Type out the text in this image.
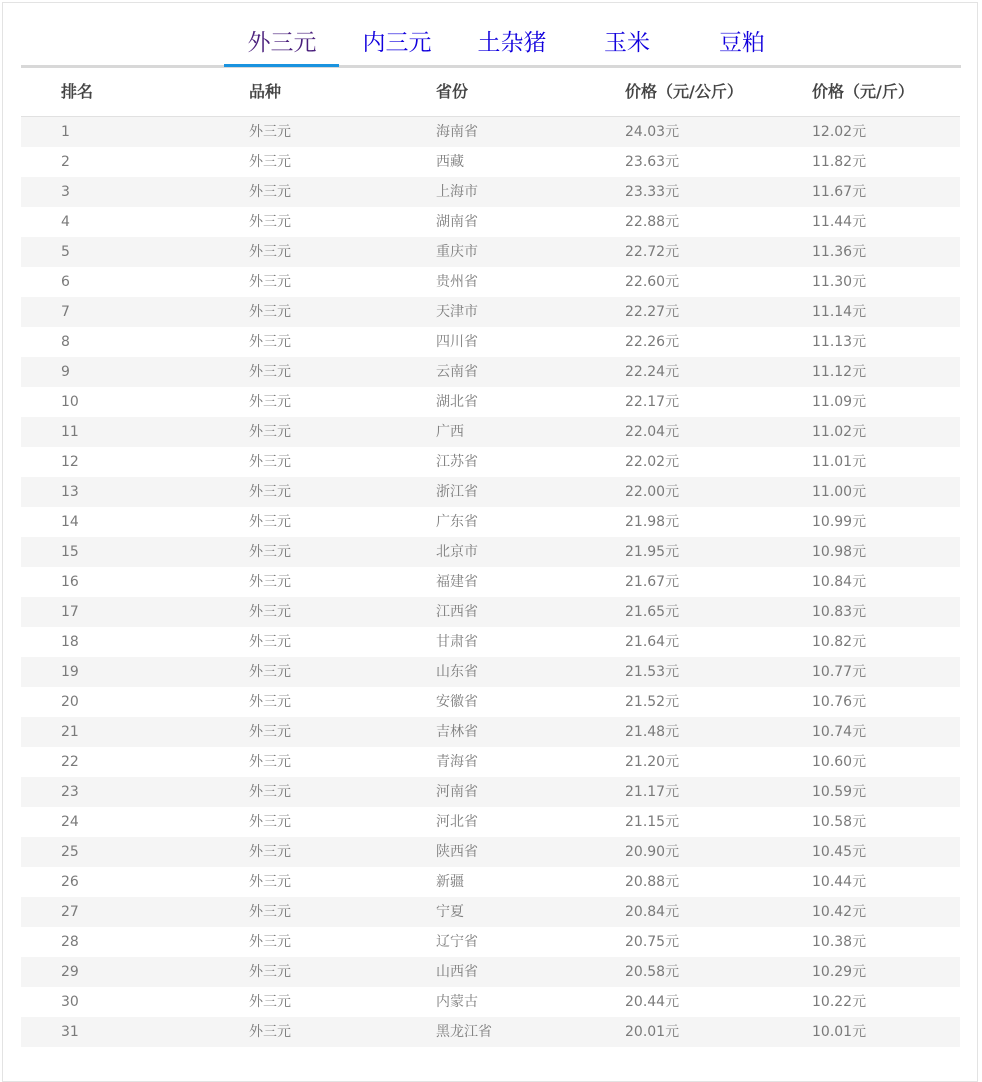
外三元 内三元 土杂猪	玉米	豆粕
排名	品种	省份	价格（元/公斤）	价格（元/斤）
1	外三元	海南省	24.03元	12.02元
2	外三元	西藏	23.63元	11.82元
3	外三元	上海市	23.33元	11.67元
4	外三元	湖南省	22.88元	11.44元
5	外三元	重庆市	22.72元	11.36元
6	外三元	贵州省	22.60元	11.30元
7	外三元	天津市	22.27元	11.14元
8	外三元	四川省	22.26元	11.13元
9	外三元	云南省	22.24元	11.12元
10	外三元	湖北省	22.17元	11.09元
11	外三元	广西	22.04元	11.02元
12	外三元	江苏省	22.02元	11.01元
13	外三元	浙江省	22.00元	11.00元
14	外三元	广东省	21.98元	10.99元
15	外三元	北京市	21.95元	10.98元
16	外三元	福建省	21.67元	10.84元
17	外三元	江西省	21.65元	10.83元
18	外三元	甘肃省	21.64元	10.82元
19	外三元	山东省	21.53元	10.77元
20	外三元	安徽省	21.52元	10.76元
21	外三元	吉林省	21.48元	10.74元
22	外三元	青海省	21.20元	10.60元
23	外三元	河南省	21.17元	10.59元
24	外三元	河北省	21.15元	10.58元
25	外三元	陕西省	20.90元	10.45元
26	外三元	新疆	20.88元	10.44元
27	外三元	宁夏	20.84元	10.42元
28	外三元	辽宁省	20.75元	10.38元
29	外三元	山西省	20.58元	10.29元
30	外三元	内蒙古	20.44元	10.22元
31	外三元	黑龙江省	20.01元	10.01元
